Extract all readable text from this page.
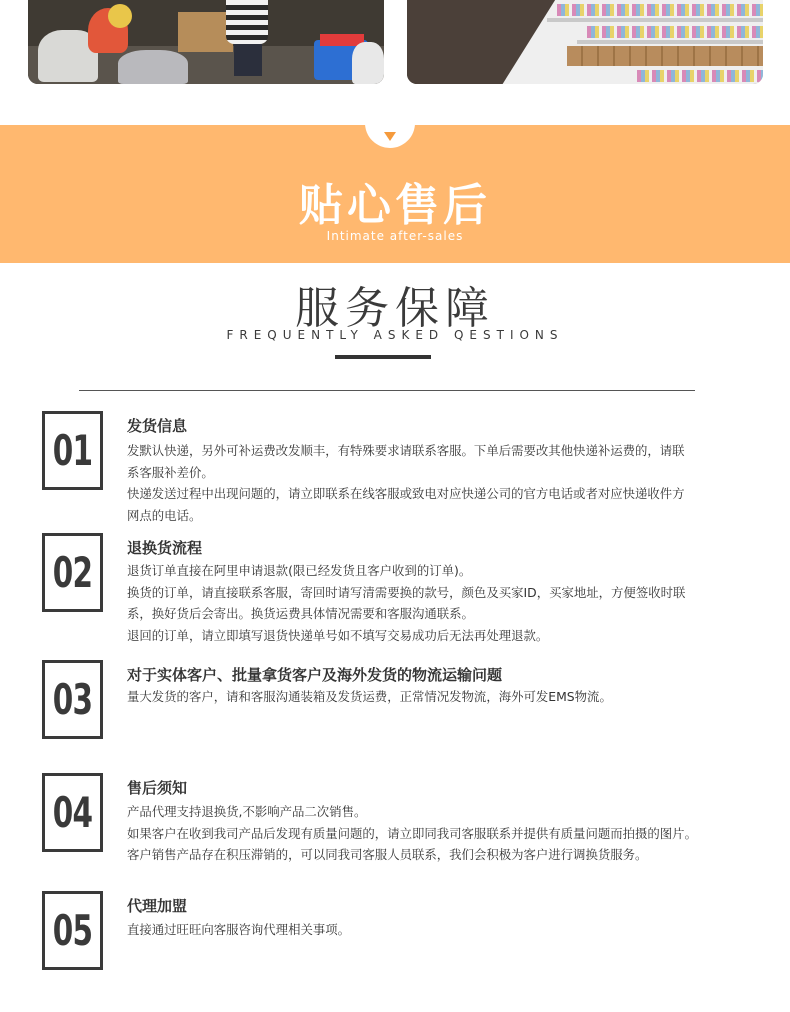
贴心售后
Intimate after-sales
服务保障
FREQUENTLY ASKED QESTIONS
01 发货信息

发默认快递，另外可补运费改发顺丰，有特殊要求请联系客服。下单后需要改其他快递补运费的，请联

系客服补差价。

快递发送过程中出现问题的，请立即联系在线客服或致电对应快递公司的官方电话或者对应快递收件方

网点的电话。

02 退换货流程

退货订单直接在阿里申请退款(限已经发货且客户收到的订单)。

换货的订单，请直接联系客服，寄回时请写清需要换的款号，颜色及买家ID，买家地址，方便签收时联

系，换好货后会寄出。换货运费具体情况需要和客服沟通联系。

退回的订单，请立即填写退货快递单号如不填写交易成功后无法再处理退款。

03 对于实体客户、批量拿货客户及海外发货的物流运输问题

量大发货的客户，请和客服沟通装箱及发货运费，正常情况发物流，海外可发EMS物流。

04 售后须知

产品代理支持退换货,不影响产品二次销售。

如果客户在收到我司产品后发现有质量问题的，请立即同我司客服联系并提供有质量问题而拍摄的图片。

客户销售产品存在积压滞销的，可以同我司客服人员联系，我们会积极为客户进行调换货服务。

05 代理加盟

直接通过旺旺向客服咨询代理相关事项。
